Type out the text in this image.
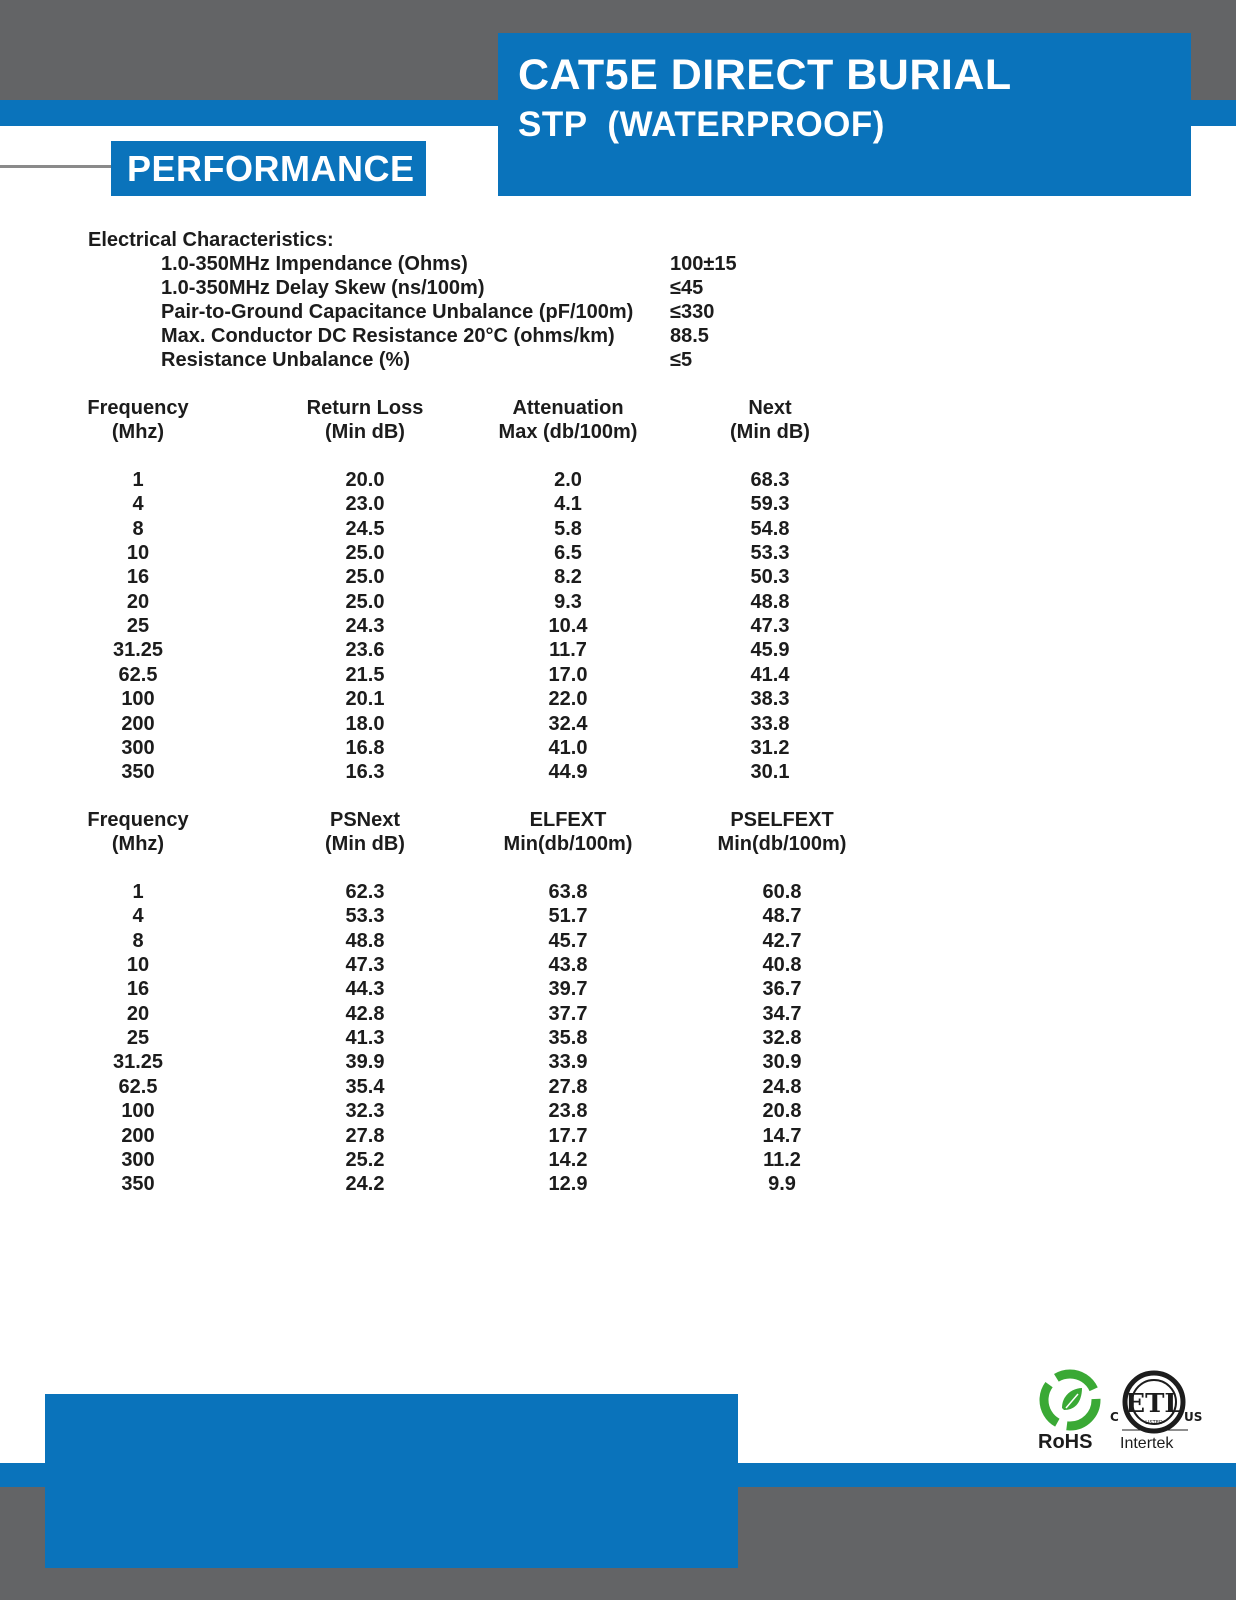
CAT5E DIRECT BURIAL
STP  (WATERPROOF)
PERFORMANCE
Electrical Characteristics:
1.0-350MHz Impendance (Ohms)	100±15
1.0-350MHz Delay Skew (ns/100m)	≤45
Pair-to-Ground Capacitance Unbalance (pF/100m) ≤330
Max. Conductor DC Resistance 20°C (ohms/km)	88.5
Resistance Unbalance (%)	≤5
Frequency
(Mhz)
Return Loss
(Min dB)
Attenuation
Max (db/100m)
Next
(Min dB)
1	20.0	2.0	68.3
4	23.0	4.1	59.3
8	24.5	5.8	54.8
10	25.0	6.5	53.3
16	25.0	8.2	50.3
20	25.0	9.3	48.8
25	24.3	10.4	47.3
31.25	23.6	11.7	45.9
62.5	21.5	17.0	41.4
100	20.1	22.0	38.3
200	18.0	32.4	33.8
300	16.8	41.0	31.2
350	16.3	44.9	30.1
Frequency
(Mhz)
PSNext
(Min dB)
ELFEXT
Min(db/100m)
PSELFEXT
Min(db/100m)
1	62.3	63.8	60.8
4	53.3	51.7	48.7
8	48.8	45.7	42.7
10	47.3	43.8	40.8
16	44.3	39.7	36.7
20	42.8	37.7	34.7
25	41.3	35.8	32.8
31.25	39.9	33.9	30.9
62.5	35.4	27.8	24.8
100	32.3	23.8	20.8
200	27.8	17.7	14.7
300	25.2	14.2	11.2
350	24.2	12.9	9.9
RoHS
ETL
LISTED
C	US
Intertek
